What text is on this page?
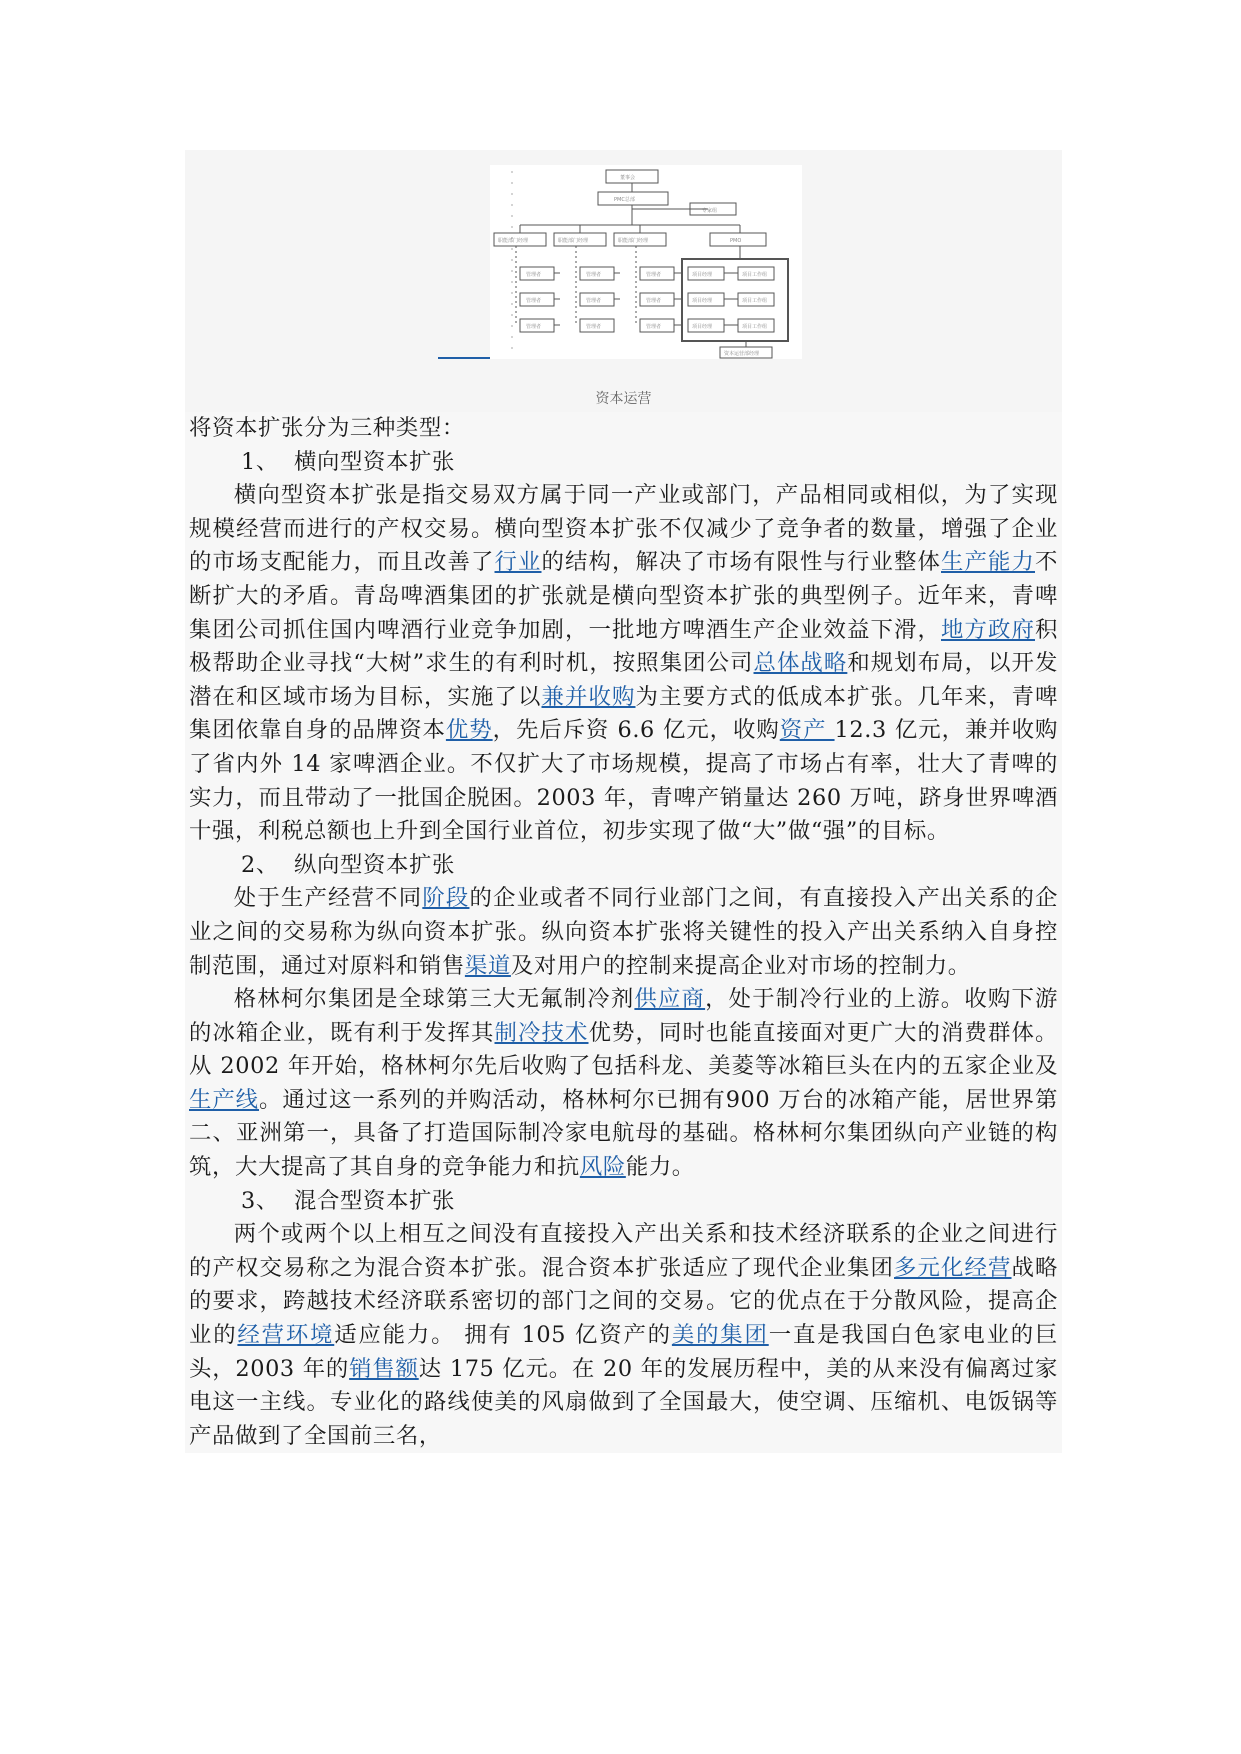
董事会
PMC总部
专家组
职能部门经理	职能部门经理	职能部门经理	PMO
管理者
管理者
管理者
管理者
管理者
管理者
管理者
管理者
管理者
项目经理
项目经理
项目经理
项目工作组
项目工作组
项目工作组
资本运营部经理
资本运营

将资本扩张分为三种类型：

1、 横向型资本扩张

横向型资本扩张是指交易双方属于同一产业或部门，产品相同或相似，为了实现规模经营而进行的产权交易。横向型资本扩张不仅减少了竞争者的数量，增强了企业的市场支配能力，而且改善了行业的结构，解决了市场有限性与行业整体生产能力不断扩大的矛盾。青岛啤酒集团的扩张就是横向型资本扩张的典型例子。近年来，青啤集团公司抓住国内啤酒行业竞争加剧，一批地方啤酒生产企业效益下滑，地方政府积极帮助企业寻找“大树”求生的有利时机，按照集团公司总体战略和规划布局，以开发潜在和区域市场为目标，实施了以兼并收购为主要方式的低成本扩张。几年来，青啤集团依靠自身的品牌资本优势，先后斥资 6.6 亿元，收购资产 12.3 亿元，兼并收购了省内外 14 家啤酒企业。不仅扩大了市场规模，提高了市场占有率，壮大了青啤的实力，而且带动了一批国企脱困。2003 年，青啤产销量达 260 万吨，跻身世界啤酒十强，利税总额也上升到全国行业首位，初步实现了做“大”做“强”的目标。

2、 纵向型资本扩张

处于生产经营不同阶段的企业或者不同行业部门之间，有直接投入产出关系的企业之间的交易称为纵向资本扩张。纵向资本扩张将关键性的投入产出关系纳入自身控制范围，通过对原料和销售渠道及对用户的控制来提高企业对市场的控制力。

格林柯尔集团是全球第三大无氟制冷剂供应商，处于制冷行业的上游。收购下游的冰箱企业，既有利于发挥其制冷技术优势，同时也能直接面对更广大的消费群体。从 2002 年开始，格林柯尔先后收购了包括科龙、美菱等冰箱巨头在内的五家企业及生产线。通过这一系列的并购活动，格林柯尔已拥有900 万台的冰箱产能，居世界第二、亚洲第一，具备了打造国际制冷家电航母的基础。格林柯尔集团纵向产业链的构筑，大大提高了其自身的竞争能力和抗风险能力。

3、 混合型资本扩张

两个或两个以上相互之间没有直接投入产出关系和技术经济联系的企业之间进行的产权交易称之为混合资本扩张。混合资本扩张适应了现代企业集团多元化经营战略的要求，跨越技术经济联系密切的部门之间的交易。它的优点在于分散风险，提高企业的经营环境适应能力。 拥有 105 亿资产的美的集团一直是我国白色家电业的巨头，2003 年的销售额达 175 亿元。在 20 年的发展历程中，美的从来没有偏离过家电这一主线。专业化的路线使美的风扇做到了全国最大，使空调、压缩机、电饭锅等产品做到了全国前三名，
